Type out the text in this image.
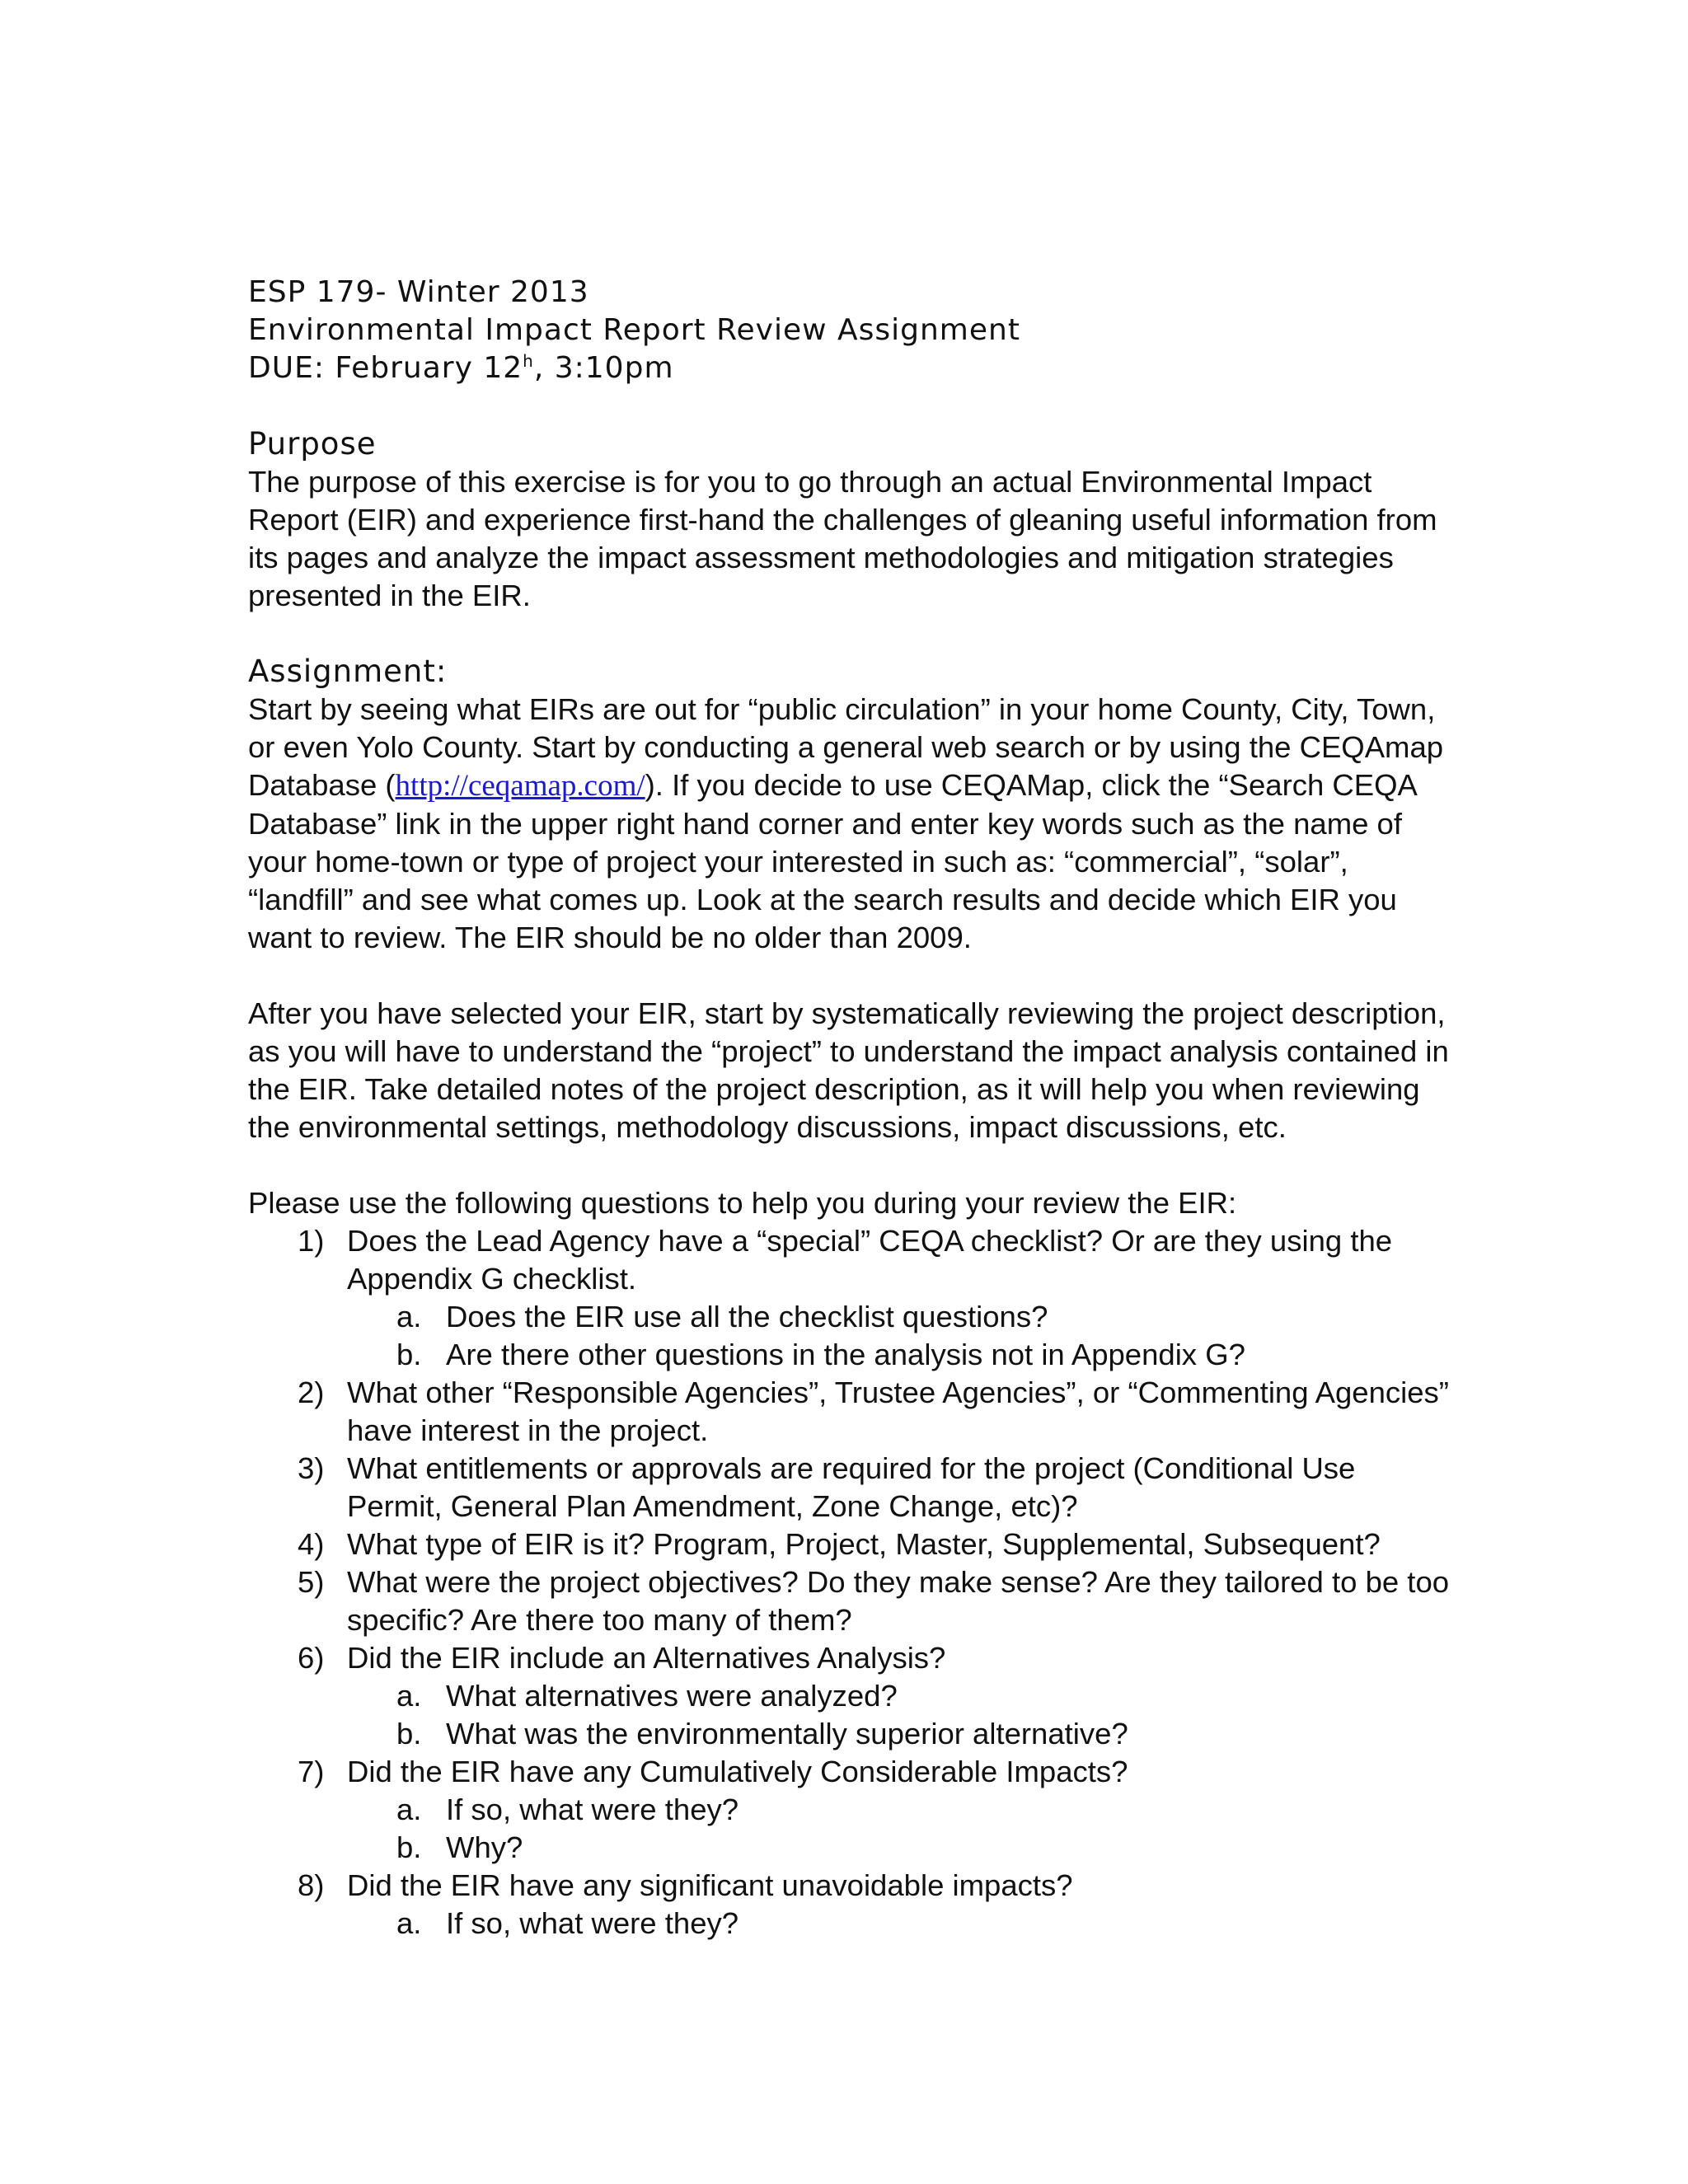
ESP 179- Winter 2013

Environmental Impact Report Review Assignment

DUE: February 12$^h$, 3:10pm

Purpose

The purpose of this exercise is for you to go through an actual Environmental Impact Report (EIR) and experience first-hand the challenges of gleaning useful information from its pages and analyze the impact assessment methodologies and mitigation strategies presented in the EIR.

Assignment:

Start by seeing what EIRs are out for “public circulation” in your home County, City, Town, or even Yolo County. Start by conducting a general web search or by using the CEQAmap Database (http://ceqamap.com/). If you decide to use CEQAMap, click the “Search CEQA Database” link in the upper right hand corner and enter key words such as the name of your home-town or type of project your interested in such as: “commercial”, “solar”, “landfill” and see what comes up. Look at the search results and decide which EIR you want to review. The EIR should be no older than 2009.

After you have selected your EIR, start by systematically reviewing the project description, as you will have to understand the “project” to understand the impact analysis contained in the EIR. Take detailed notes of the project description, as it will help you when reviewing the environmental settings, methodology discussions, impact discussions, etc.

Please use the following questions to help you during your review the EIR:

1) Does the Lead Agency have a “special” CEQA checklist? Or are they using the Appendix G checklist.
a. Does the EIR use all the checklist questions?
b. Are there other questions in the analysis not in Appendix G?
2) What other “Responsible Agencies”, Trustee Agencies”, or “Commenting Agencies” have interest in the project.
3) What entitlements or approvals are required for the project (Conditional Use Permit, General Plan Amendment, Zone Change, etc)?
4) What type of EIR is it? Program, Project, Master, Supplemental, Subsequent?
5) What were the project objectives? Do they make sense? Are they tailored to be too specific? Are there too many of them?
6) Did the EIR include an Alternatives Analysis?
a. What alternatives were analyzed?
b. What was the environmentally superior alternative?
7) Did the EIR have any Cumulatively Considerable Impacts?
a. If so, what were they?
b. Why?
8) Did the EIR have any significant unavoidable impacts?
a. If so, what were they?
